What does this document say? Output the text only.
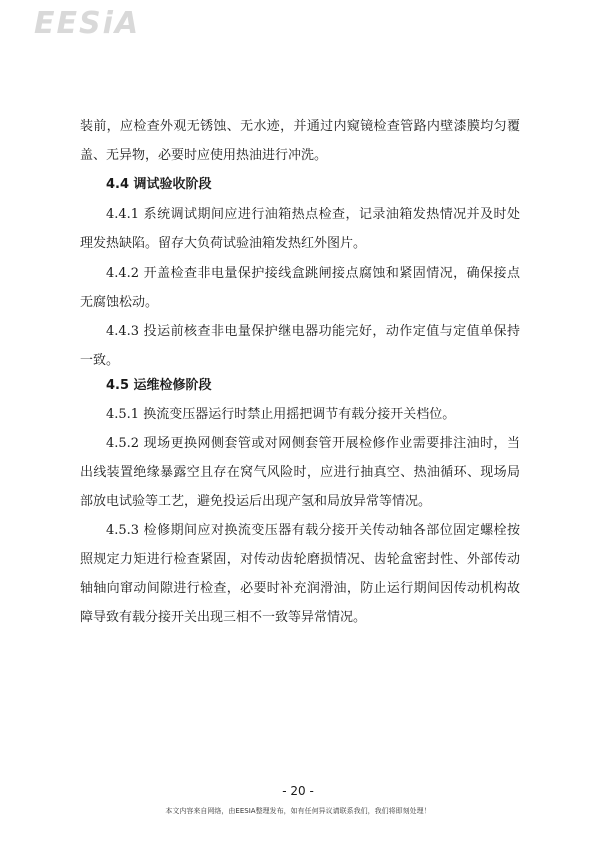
EESiA

装前，应检查外观无锈蚀、无水迹，并通过内窥镜检查管路内壁漆膜均匀覆盖、无异物，必要时应使用热油进行冲洗。

4.4 调试验收阶段

4.4.1 系统调试期间应进行油箱热点检查，记录油箱发热情况并及时处理发热缺陷。留存大负荷试验油箱发热红外图片。

4.4.2 开盖检查非电量保护接线盒跳闸接点腐蚀和紧固情况，确保接点无腐蚀松动。

4.4.3 投运前核查非电量保护继电器功能完好，动作定值与定值单保持一致。

4.5 运维检修阶段

4.5.1 换流变压器运行时禁止用摇把调节有载分接开关档位。

4.5.2 现场更换网侧套管或对网侧套管开展检修作业需要排注油时，当出线装置绝缘暴露空且存在窝气风险时，应进行抽真空、热油循环、现场局部放电试验等工艺，避免投运后出现产氢和局放异常等情况。

4.5.3 检修期间应对换流变压器有载分接开关传动轴各部位固定螺栓按照规定力矩进行检查紧固，对传动齿轮磨损情况、齿轮盒密封性、外部传动轴轴向窜动间隙进行检查，必要时补充润滑油，防止运行期间因传动机构故障导致有载分接开关出现三相不一致等异常情况。

- 20 -
本文内容来自网络，由EESIA整理发布，如有任何异议请联系我们，我们将即刻处理！
